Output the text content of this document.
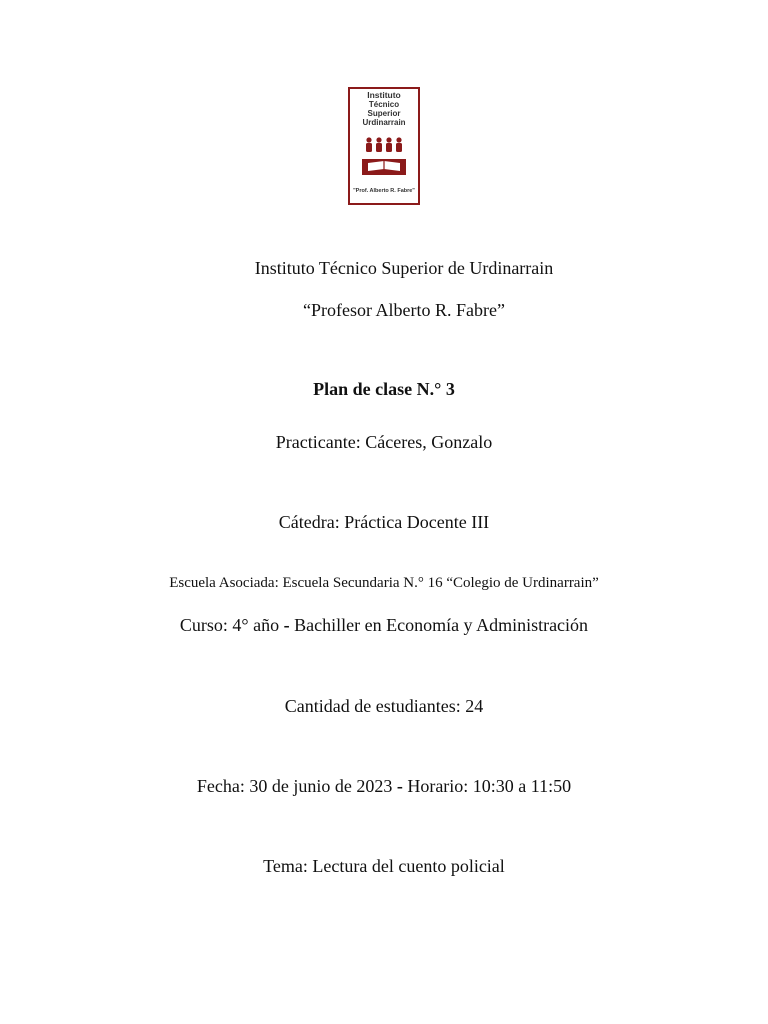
Instituto
Técnico
Superior
Urdinarrain
"Prof. Alberto R. Fabre"
Instituto Técnico Superior de Urdinarrain
“Profesor Alberto R. Fabre”
Plan de clase N.° 3
Practicante: Cáceres, Gonzalo
Cátedra: Práctica Docente III
Escuela Asociada: Escuela Secundaria N.° 16 “Colegio de Urdinarrain”
Curso: 4° año - Bachiller en Economía y Administración
Cantidad de estudiantes: 24
Fecha: 30 de junio de 2023 - Horario: 10:30 a 11:50
Tema: Lectura del cuento policial
